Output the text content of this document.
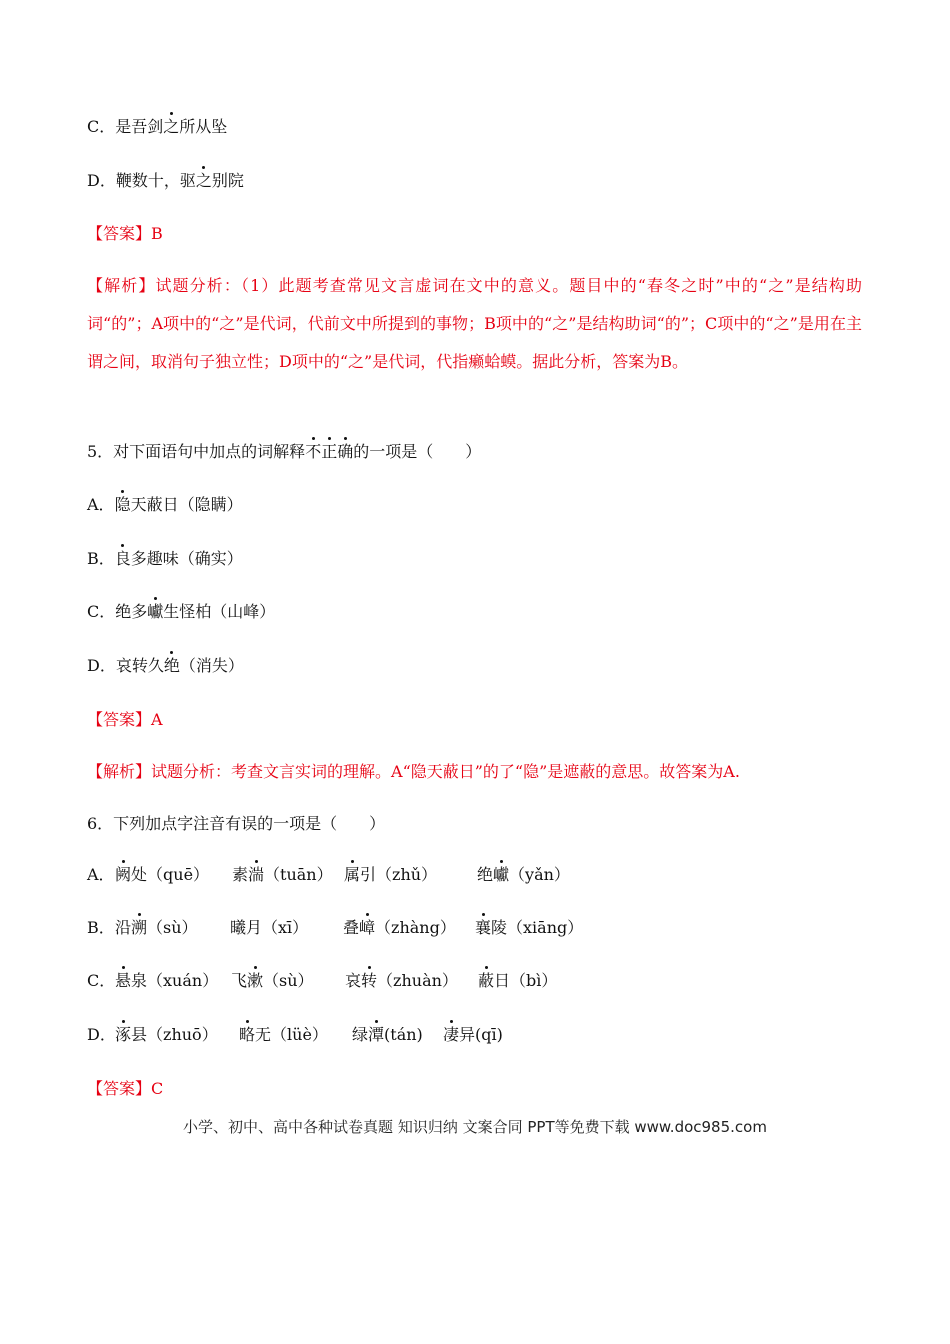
C．是吾剑之所从坠
D．鞭数十，驱之别院
【答案】B
【解析】试题分析：（1）此题考查常见文言虚词在文中的意义。题目中的“春冬之时”中的“之”是结构助词“的”；A项中的“之”是代词，代前文中所提到的事物；B项中的“之”是结构助词“的”；C项中的“之”是用在主谓之间，取消句子独立性；D项中的“之”是代词，代指癞蛤蟆。据此分析，答案为B。
5．对下面语句中加点的词解释不正确的一项是（　　）
A．隐天蔽日（隐瞒）
B．良多趣味（确实）
C．绝多巘生怪柏（山峰）
D．哀转久绝（消失）
【答案】A
【解析】试题分析：考查文言实词的理解。A“隐天蔽日”的了“隐”是遮蔽的意思。故答案为A.
6．下列加点字注音有误的一项是（　　）
A． 阙处（quē） 素湍（tuān） 属引（zhǔ） 绝巘（yǎn）
B． 沿溯（sù） 曦月（xī） 叠嶂（zhàng） 襄陵（xiāng）
C． 悬泉（xuán） 飞漱（sù） 哀转（zhuàn） 蔽日（bì）
D． 涿县（zhuō） 略无（lüè） 绿潭(tán) 凄异(qī)
【答案】C
小学、初中、高中各种试卷真题 知识归纳 文案合同 PPT等免费下载 www.doc985.com
